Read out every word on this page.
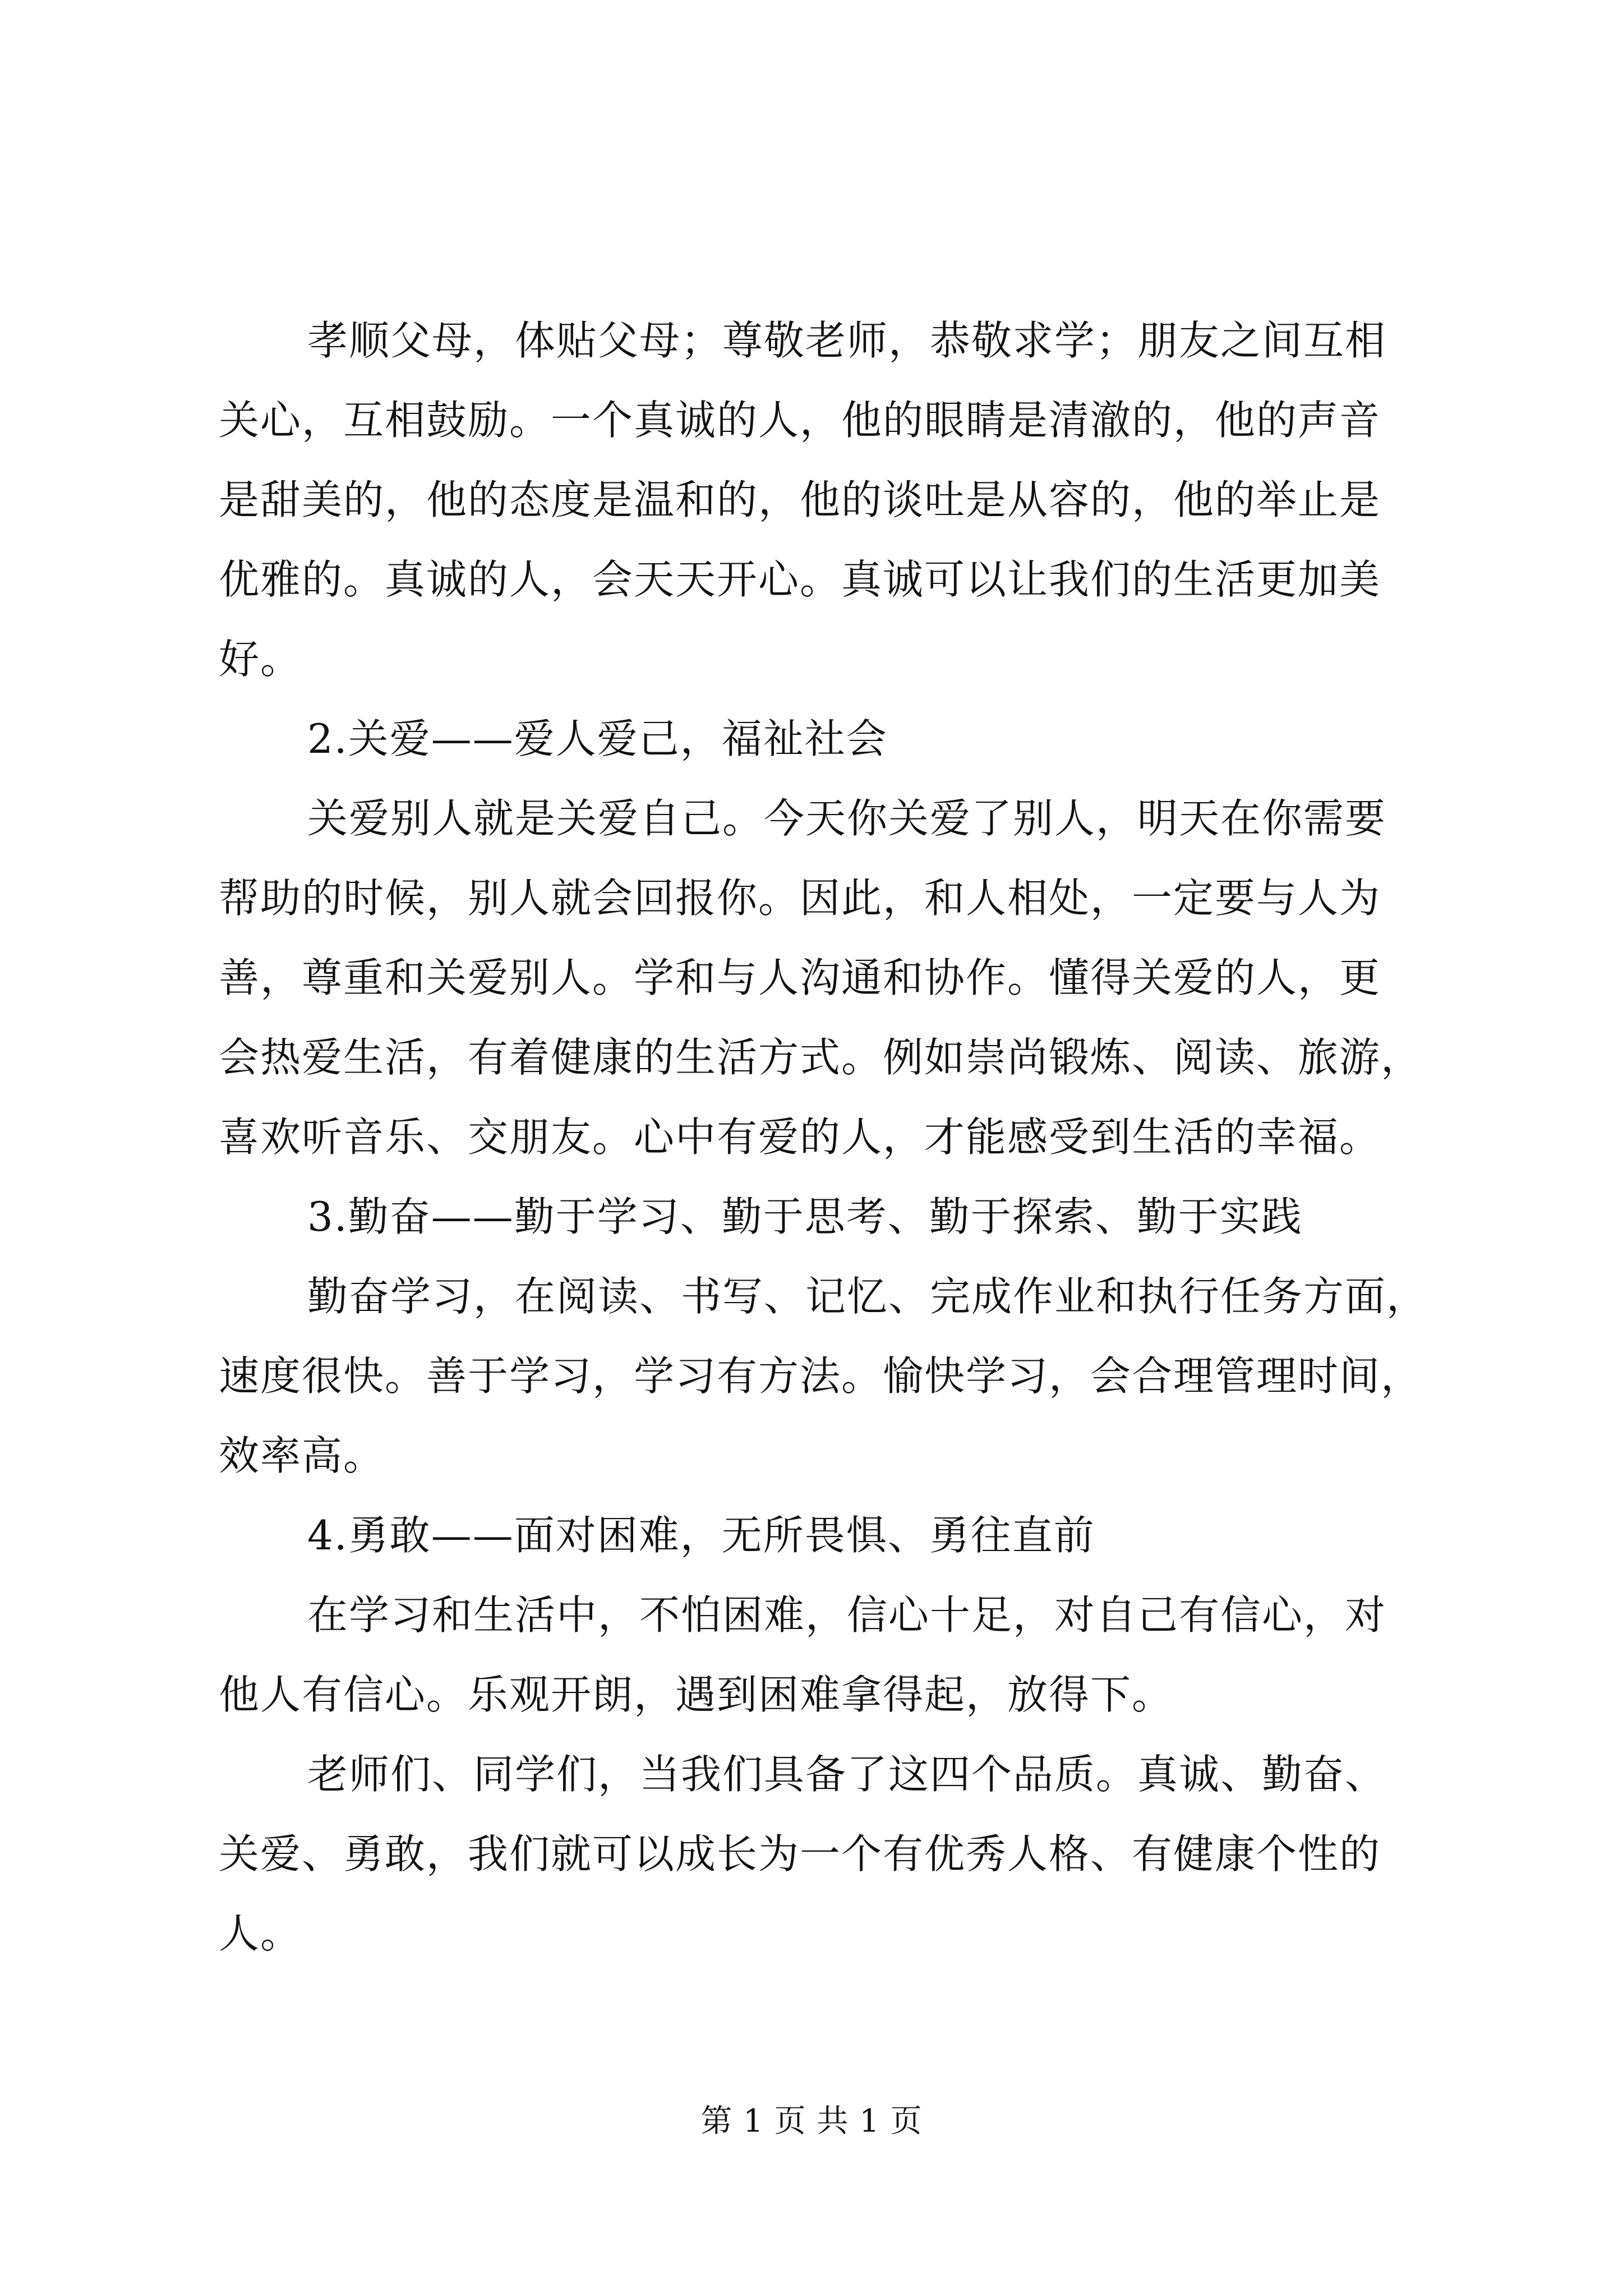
孝顺父母，体贴父母；尊敬老师，恭敬求学；朋友之间互相
关心，互相鼓励。一个真诚的人，他的眼睛是清澈的，他的声音
是甜美的，他的态度是温和的，他的谈吐是从容的，他的举止是
优雅的。真诚的人，会天天开心。真诚可以让我们的生活更加美
好。
2.关爱——爱人爱己，福祉社会
关爱别人就是关爱自己。今天你关爱了别人，明天在你需要
帮助的时候，别人就会回报你。因此，和人相处，一定要与人为
善，尊重和关爱别人。学和与人沟通和协作。懂得关爱的人，更
会热爱生活，有着健康的生活方式。例如崇尚锻炼、阅读、旅游，
喜欢听音乐、交朋友。心中有爱的人，才能感受到生活的幸福。
3.勤奋——勤于学习、勤于思考、勤于探索、勤于实践
勤奋学习，在阅读、书写、记忆、完成作业和执行任务方面，
速度很快。善于学习，学习有方法。愉快学习，会合理管理时间，
效率高。
4.勇敢——面对困难，无所畏惧、勇往直前
在学习和生活中，不怕困难，信心十足，对自己有信心，对
他人有信心。乐观开朗，遇到困难拿得起，放得下。
老师们、同学们，当我们具备了这四个品质。真诚、勤奋、
关爱、勇敢，我们就可以成长为一个有优秀人格、有健康个性的
人。
第 1 页 共 1 页
